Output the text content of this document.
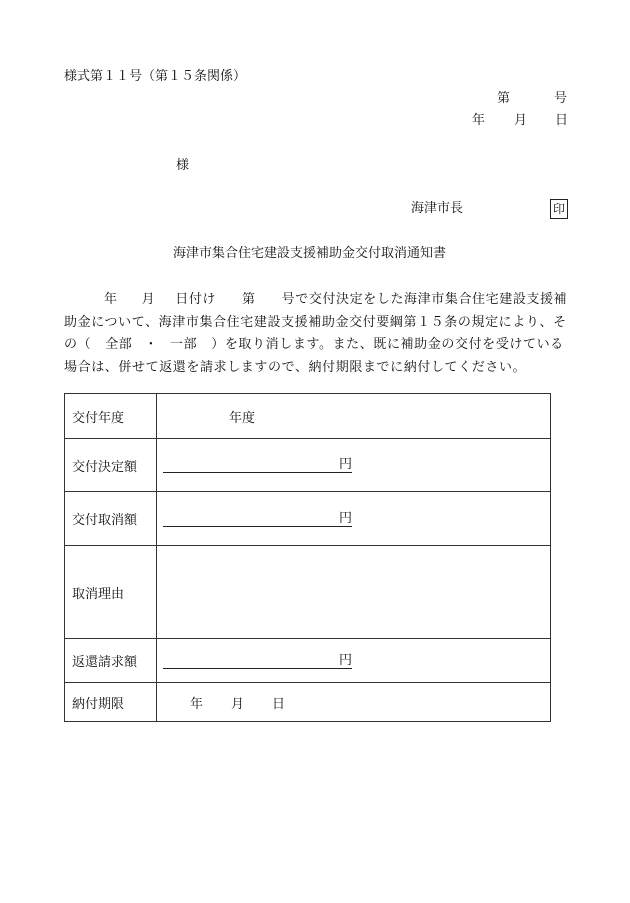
様式第１１号（第１５条関係）
第	号
年 月 日
様
海津市長	印
海津市集合住宅建設支援補助金交付取消通知書
年 月 日付け 第 号で交付決定をした海津市集合住宅建設支援補助金について、海津市集合住宅建設支援補助金交付要綱第１５条の規定により、その（ 全部 ・ 一部 ）を取り消します。また、既に補助金の交付を受けている場合は、併せて返還を請求しますので、納付期限までに納付してください。
交付年度	年度
交付決定額	円
交付取消額	円
取消理由	
返還請求額	円
納付期限	年 月 日
